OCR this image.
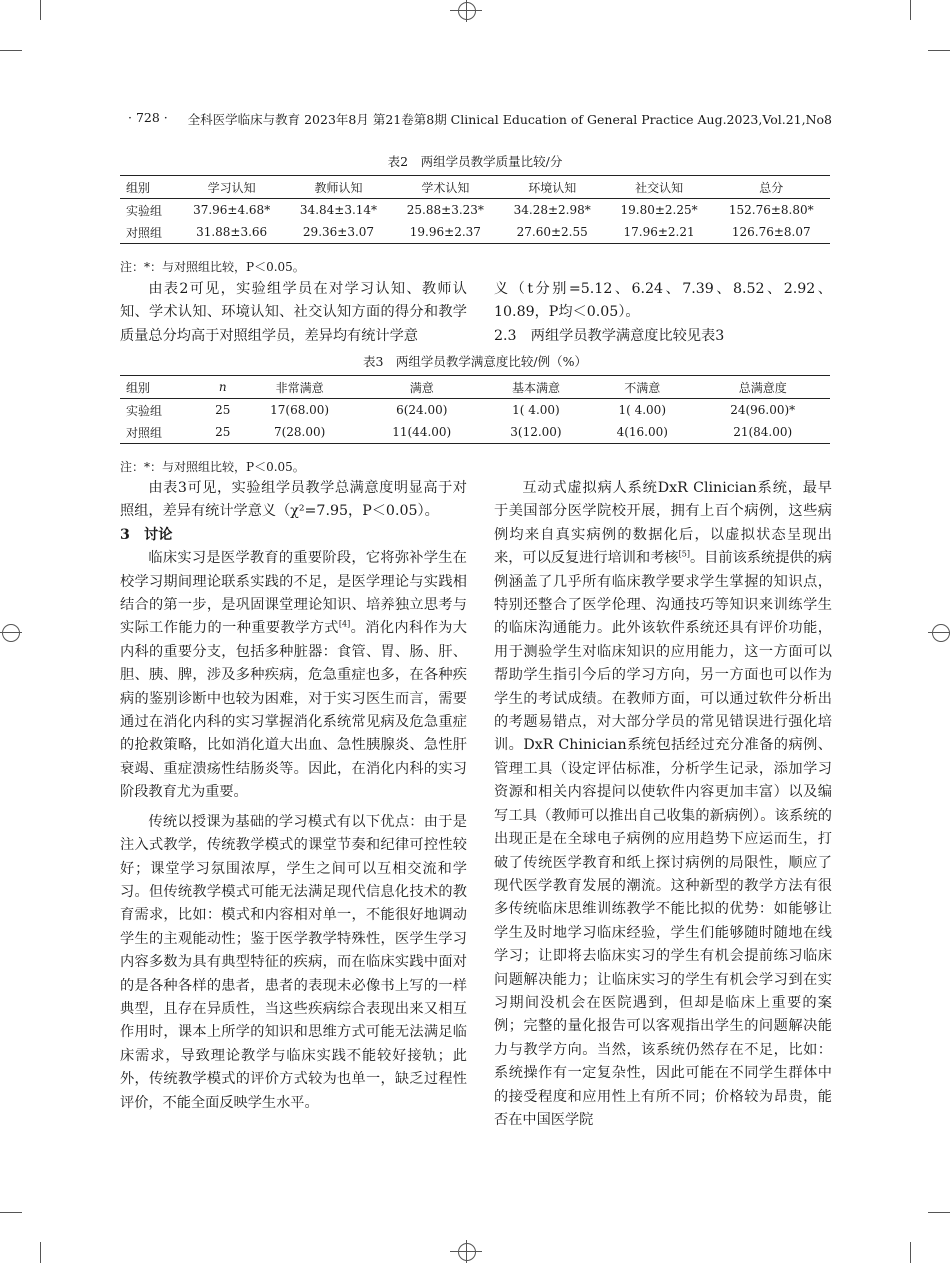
· 728 · 全科医学临床与教育 2023年8月 第21卷第8期 Clinical Education of General Practice Aug.2023,Vol.21,No8
表2　两组学员教学质量比较/分
组别	学习认知	教师认知	学术认知	环境认知	社交认知	总分
实验组	37.96±4.68*	34.84±3.14*	25.88±3.23*	34.28±2.98*	19.80±2.25*	152.76±8.80*
对照组	31.88±3.66	29.36±3.07	19.96±2.37	27.60±2.55	17.96±2.21	126.76±8.07
注：*：与对照组比较，P＜0.05。

由表2可见，实验组学员在对学习认知、教师认知、学术认知、环境认知、社交认知方面的得分和教学质量总分均高于对照组学员，差异均有统计学意

义（t分别=5.12、6.24、7.39、8.52、2.92、10.89，P均＜0.05）。

2.3　两组学员教学满意度比较见表3

表3　两组学员教学满意度比较/例（%）
组别	n	非常满意	满意	基本满意	不满意	总满意度
实验组	25	17(68.00)	6(24.00)	1( 4.00)	1( 4.00)	24(96.00)*
对照组	25	7(28.00)	11(44.00)	3(12.00)	4(16.00)	21(84.00)
注：*：与对照组比较，P＜0.05。

由表3可见，实验组学员教学总满意度明显高于对照组，差异有统计学意义（χ²=7.95，P＜0.05）。

3　讨论

临床实习是医学教育的重要阶段，它将弥补学生在校学习期间理论联系实践的不足，是医学理论与实践相结合的第一步，是巩固课堂理论知识、培养独立思考与实际工作能力的一种重要教学方式[4]。消化内科作为大内科的重要分支，包括多种脏器：食管、胃、肠、肝、胆、胰、脾，涉及多种疾病，危急重症也多，在各种疾病的鉴别诊断中也较为困难，对于实习医生而言，需要通过在消化内科的实习掌握消化系统常见病及危急重症的抢救策略，比如消化道大出血、急性胰腺炎、急性肝衰竭、重症溃疡性结肠炎等。因此，在消化内科的实习阶段教育尤为重要。

传统以授课为基础的学习模式有以下优点：由于是注入式教学，传统教学模式的课堂节奏和纪律可控性较好；课堂学习氛围浓厚，学生之间可以互相交流和学习。但传统教学模式可能无法满足现代信息化技术的教育需求，比如：模式和内容相对单一，不能很好地调动学生的主观能动性；鉴于医学教学特殊性，医学生学习内容多数为具有典型特征的疾病，而在临床实践中面对的是各种各样的患者，患者的表现未必像书上写的一样典型，且存在异质性，当这些疾病综合表现出来又相互作用时，课本上所学的知识和思维方式可能无法满足临床需求，导致理论教学与临床实践不能较好接轨；此外，传统教学模式的评价方式较为也单一，缺乏过程性评价，不能全面反映学生水平。

互动式虚拟病人系统DxR Clinician系统，最早于美国部分医学院校开展，拥有上百个病例，这些病例均来自真实病例的数据化后，以虚拟状态呈现出来，可以反复进行培训和考核[5]。目前该系统提供的病例涵盖了几乎所有临床教学要求学生掌握的知识点，特别还整合了医学伦理、沟通技巧等知识来训练学生的临床沟通能力。此外该软件系统还具有评价功能，用于测验学生对临床知识的应用能力，这一方面可以帮助学生指引今后的学习方向，另一方面也可以作为学生的考试成绩。在教师方面，可以通过软件分析出的考题易错点，对大部分学员的常见错误进行强化培训。DxR Chinician系统包括经过充分准备的病例、管理工具（设定评估标准，分析学生记录，添加学习资源和相关内容提问以使软件内容更加丰富）以及编写工具（教师可以推出自己收集的新病例）。该系统的出现正是在全球电子病例的应用趋势下应运而生，打破了传统医学教育和纸上探讨病例的局限性，顺应了现代医学教育发展的潮流。这种新型的教学方法有很多传统临床思维训练教学不能比拟的优势：如能够让学生及时地学习临床经验，学生们能够随时随地在线学习；让即将去临床实习的学生有机会提前练习临床问题解决能力；让临床实习的学生有机会学习到在实习期间没机会在医院遇到，但却是临床上重要的案例；完整的量化报告可以客观指出学生的问题解决能力与教学方向。当然，该系统仍然存在不足，比如：系统操作有一定复杂性，因此可能在不同学生群体中的接受程度和应用性上有所不同；价格较为昂贵，能否在中国医学院
